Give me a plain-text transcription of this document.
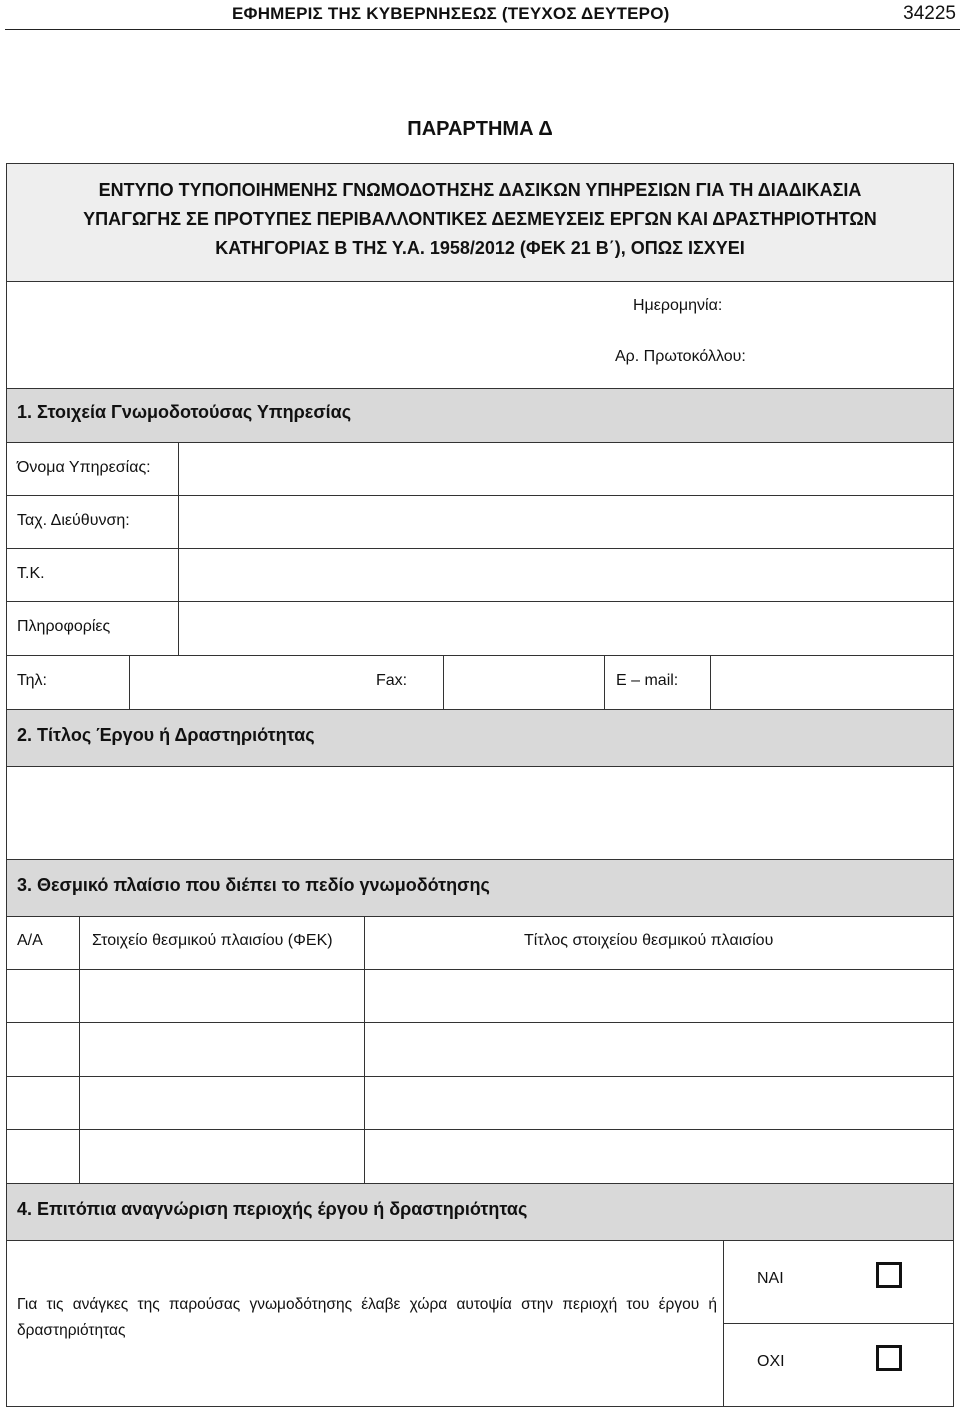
ΕΦΗΜΕΡΙΣ ΤΗΣ ΚΥΒΕΡΝΗΣΕΩΣ (ΤΕΥΧΟΣ ΔΕΥΤΕΡΟ)	34225
ΠΑΡΑΡΤΗΜΑ Δ
ΕΝΤΥΠΟ ΤΥΠΟΠΟΙΗΜΕΝΗΣ ΓΝΩΜΟΔΟΤΗΣΗΣ ΔΑΣΙΚΩΝ ΥΠΗΡΕΣΙΩΝ ΓΙΑ ΤΗ ΔΙΑΔΙΚΑΣΙΑ
ΥΠΑΓΩΓΗΣ ΣΕ ΠΡΟΤΥΠΕΣ ΠΕΡΙΒΑΛΛΟΝΤΙΚΕΣ ΔΕΣΜΕΥΣΕΙΣ ΕΡΓΩΝ ΚΑΙ ΔΡΑΣΤΗΡΙΟΤΗΤΩΝ
ΚΑΤΗΓΟΡΙΑΣ Β ΤΗΣ Υ.Α. 1958/2012 (ΦΕΚ 21 Β΄), ΟΠΩΣ ΙΣΧΥΕΙ
Ημερομηνία:
Αρ. Πρωτοκόλλου:
1. Στοιχεία Γνωμοδοτούσας Υπηρεσίας
Όνομα Υπηρεσίας:
Ταχ. Διεύθυνση:
Τ.Κ.
Πληροφορίες
Τηλ:	Fax:	E – mail:
2. Τίτλος Έργου ή Δραστηριότητας
3. Θεσμικό πλαίσιο που διέπει το πεδίο γνωμοδότησης
Α/Α	Στοιχείο θεσμικού πλαισίου (ΦΕΚ)	Τίτλος στοιχείου θεσμικού πλαισίου
4. Επιτόπια αναγνώριση περιοχής έργου ή δραστηριότητας
Για τις ανάγκες της παρούσας γνωμοδότησης έλαβε χώρα αυτοψία στην περιοχή του έργου ή δραστηριότητας
ΝΑΙ
ΟΧΙ
